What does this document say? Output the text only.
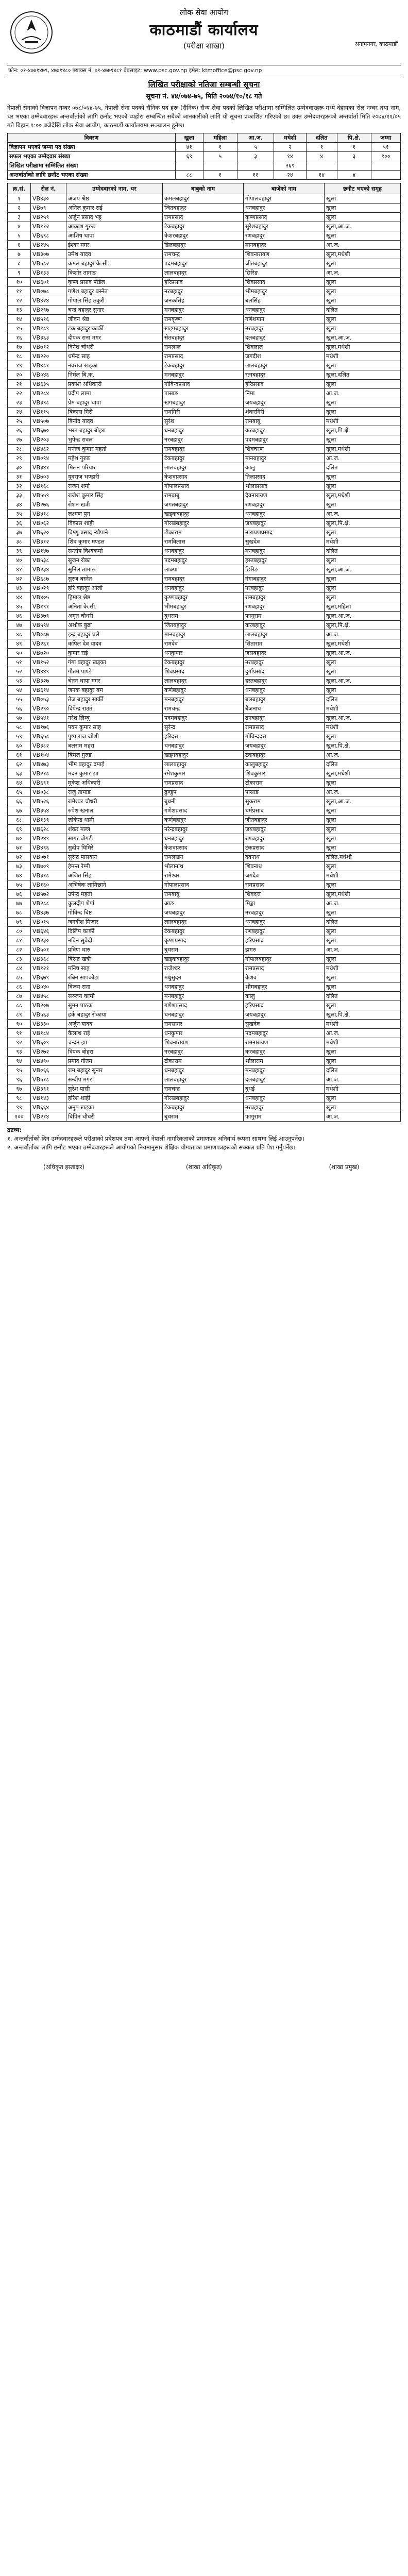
लोक सेवा आयोग
काठमाडौं कार्यालय
(परीक्षा शाखा)	अनामनगर, काठमाडौं
फोन: ०१-४७७१४७९, ४७७१४८० फ्याक्स नं. ०१-४७७१४८१ वेबसाइट: www.psc.gov.np इमेल: ktmoffice@psc.gov.np
लिखित परीक्षाको नतिजा सम्बन्धी सूचना
सूचना नं. ४४/०७४-७५, मिति २०७४/१०/१८ गते
नेपाली सेनाको विज्ञापन नम्बर ०७८/०७४-७५, नेपाली सेना पदको सैनिक पद हरू (सैनिक) सैन्य सेवा पदको लिखित परीक्षामा सम्मिलित उम्मेदवारहरू मध्ये देहायका रोल नम्बर तथा नाम, थर भएका उम्मेदवारहरू अन्तर्वार्ताको लागि छनौट भएको व्यहोरा सम्बन्धित सबैको जानकारीको लागि यो सूचना प्रकाशित गरिएको छ। उक्त उम्मेदवारहरूको अन्तर्वार्ता मिति २०७४/११/०५ गते बिहान ९:०० बजेदेखि लोक सेवा आयोग, काठमाडौं कार्यालयमा सञ्चालन हुनेछ।
विवरण	खुला	महिला	आ.ज.	मधेशी	दलित	पि.क्षे.	जम्मा
विज्ञापन भएको जम्मा पद संख्या	४१	१	५	२	१	१	५१
सफल भएका उम्मेदवार संख्या	६९	५	३	१४	४	३	१००
लिखित परीक्षामा सम्मिलित संख्या				२६९			
अन्तर्वार्ताको लागि छनौट भएका संख्या	८८	१	११	२४	१४	४	
क्र.सं.	रोल नं.	उम्मेदवारको नाम, थर	बाबुको नाम	बाजेको नाम	छनौट भएको समूह
१	VB४३०	अजय श्रेष्ठ	कमलबहादुर	गोपालबहादुर	खुला
२	VB७९	अनिल कुमार राई	जितबहादुर	धनबहादुर	खुला
३	VB२५९	अर्जुन प्रसाद भट्ट	रामप्रसाद	कृष्णप्रसाद	खुला
४	VB११२	आकाश गुरुङ	टेकबहादुर	सुरेशबहादुर	खुला,आ.ज.
५	VB६९८	आशिष थापा	केशरबहादुर	रणबहादुर	खुला
६	VB२४५	ईश्वर मगर	डिलबहादुर	मानबहादुर	आ.ज.
७	VB३०७	उमेश यादव	रामचन्द्र	शिवनारायण	खुला,मधेशी
८	VB५८२	कमल बहादुर के.सी.	पदमबहादुर	जीतबहादुर	खुला
९	VB१३३	किशोर तामाङ	लालबहादुर	छिरिङ	आ.ज.
१०	VB६०१	कृष्ण प्रसाद पौडेल	हरिप्रसाद	शिवप्रसाद	खुला
११	VB०७८	गणेश बहादुर बस्नेत	नरबहादुर	भीमबहादुर	खुला
१२	VB४२४	गोपाल सिंह ठकुरी	जनकसिंह	बलसिंह	खुला
१३	VB२९७	चन्द्र बहादुर सुनार	मनबहादुर	धनबहादुर	दलित
१४	VB५१६	जीवन श्रेष्ठ	रामकृष्ण	गणेशमान	खुला
१५	VB१८९	टंक बहादुर कार्की	खड्गबहादुर	नरबहादुर	खुला
१६	VB३६३	दीपक राना मगर	सेतबहादुर	दलबहादुर	खुला,आ.ज.
१७	VB७१२	दिनेश चौधरी	रामलाल	शिवलाल	खुला,मधेशी
१८	VB२२०	धर्मेन्द्र साह	रामप्रसाद	जगदीश	मधेशी
१९	VB४८१	नवराज खड्का	टेकबहादुर	लालबहादुर	खुला
२०	VB०४६	निर्मल बि.क.	मनबहादुर	रत्नबहादुर	खुला,दलित
२१	VB६३५	प्रकाश अधिकारी	गोविन्दप्रसाद	हरिप्रसाद	खुला
२२	VB२८४	प्रदीप लामा	पासाङ	निमा	आ.ज.
२३	VB३९८	प्रेम बहादुर थापा	खगबहादुर	जयबहादुर	खुला
२४	VB११५	बिकास गिरी	रामगिरी	शंकरगिरी	खुला
२५	VB५०७	बिनोद यादव	सुरेश	रामबाबु	मधेशी
२६	VB६७०	भरत बहादुर बोहरा	धनबहादुर	करबहादुर	खुला,पि.क्षे.
२७	VB२०३	भुपेन्द्र रावल	नरबहादुर	पदमबहादुर	खुला
२८	VB४६२	मनोज कुमार महतो	रामबहादुर	शिवचरण	खुला,मधेशी
२९	VB०९४	महेश गुरुङ	टेकबहादुर	मानबहादुर	आ.ज.
३०	VB३४१	मिलन परियार	लालबहादुर	कालु	दलित
३१	VB७०३	युवराज भण्डारी	केशवप्रसाद	तिलप्रसाद	खुला
३२	VB१६८	राजन शर्मा	गोपालप्रसाद	भोलाप्रसाद	खुला
३३	VB५५९	राजेश कुमार सिंह	रामबाबु	देवनारायण	खुला,मधेशी
३४	VB२७६	रोशन खत्री	जगतबहादुर	रणबहादुर	खुला
३५	VB४१८	लक्ष्मण पुन	खड्कबहादुर	धनबहादुर	आ.ज.
३६	VB०६२	विकास शाही	गोरखबहादुर	जयबहादुर	खुला,पि.क्षे.
३७	VB६२०	विष्णु प्रसाद न्यौपाने	टीकाराम	नारायणप्रसाद	खुला
३८	VB३१२	शिव कुमार मण्डल	रामविलास	सुखदेव	मधेशी
३९	VB१४७	सन्तोष विश्वकर्मा	धनबहादुर	मनबहादुर	दलित
४०	VB५३८	सुजन रोका	पदमबहादुर	हस्तबहादुर	खुला
४१	VB२३४	सुनिल तामाङ	लाक्पा	छिरिङ	खुला,आ.ज.
४२	VB६८७	सुरज बस्नेत	रामबहादुर	गंगाबहादुर	खुला
४३	VB०२९	हरि बहादुर ओली	धनबहादुर	नरबहादुर	खुला
४४	VB४०५	हिमाल श्रेष्ठ	कृष्णबहादुर	रामबहादुर	खुला
४५	VB१९१	अनिता के.सी.	भीमबहादुर	रणबहादुर	खुला,महिला
४६	VB३७९	अमृत चौधरी	बुधराम	फागुराम	खुला,आ.ज.
४७	VB५९४	अशोक बुढा	जितबहादुर	करबहादुर	खुला,पि.क्षे.
४८	VB०८७	इन्द्र बहादुर घले	मानबहादुर	लालबहादुर	आ.ज.
४९	VB२६१	कपिल देव यादव	रामदेव	सिताराम	खुला,मधेशी
५०	VB७२०	कुमार राई	धनकुमार	जसबहादुर	खुला,आ.ज.
५१	VB१५२	गंगा बहादुर खड्का	टेकबहादुर	नरबहादुर	खुला
५२	VB४४९	गौतम पाण्डे	शिवप्रसाद	दुर्गाप्रसाद	खुला
५३	VB३२७	चेतन थापा मगर	लालबहादुर	हस्तबहादुर	खुला,आ.ज.
५४	VB६१४	जनक बहादुर बम	कर्णबहादुर	धनबहादुर	खुला
५५	VB०५३	तेज बहादुर सार्की	मनबहादुर	बलबहादुर	दलित
५६	VB२९०	दिपेन्द्र राउत	रामचन्द्र	बैजनाथ	मधेशी
५७	VB५४१	नरेश लिम्बु	पदमबहादुर	ढनबहादुर	खुला,आ.ज.
५८	VB१७६	पवन कुमार साह	सुरेन्द्र	रामप्रसाद	मधेशी
५९	VB६५८	पुष्प राज जोशी	हरिदत्त	गोविन्ददत्त	खुला
६०	VB३८२	बलराम महरा	धनबहादुर	जयबहादुर	खुला,पि.क्षे.
६१	VB१०४	बिमल गुरुङ	खड्गबहादुर	टेकबहादुर	आ.ज.
६२	VB४७३	भीम बहादुर दमाई	लालबहादुर	कालुबहादुर	दलित
६३	VB२१८	मदन कुमार झा	रमेशकुमार	शिवकुमार	खुला,मधेशी
६४	VB६९१	मुकेश अधिकारी	रामप्रसाद	टीकाराम	खुला
६५	VB०३८	राजु तामाङ	ढुण्डुप	पासाङ	आ.ज.
६६	VB५२६	रामेश्वर चौधरी	बुधनी	सुकराम	खुला,आ.ज.
६७	VB३५४	रुपेश खनाल	गणेशप्रसाद	धर्मप्रसाद	खुला
६८	VB१३९	लोकेन्द्र धामी	कर्णबहादुर	जीतबहादुर	खुला
६९	VB६२८	शंकर मल्ल	नरेन्द्रबहादुर	जयबहादुर	खुला
७०	VB२४९	सागर बोगटी	धनबहादुर	रणबहादुर	खुला
७१	VB४९६	सुदीप घिमिरे	केशवप्रसाद	टंकप्रसाद	खुला
७२	VB०७१	सुरेन्द्र पासवान	रामलखन	देवनाथ	दलित,मधेशी
७३	VB७०९	हेमन्त रेग्मी	भोलानाथ	शिवनाथ	खुला
७४	VB३१८	अजित सिंह	रामेश्वर	जगदेव	मधेशी
७५	VB१६०	अभिषेक लामिछाने	गोपालप्रसाद	रामप्रसाद	खुला
७६	VB५७२	उपेन्द्र महतो	रामबाबु	शिवदत्त	खुला,मधेशी
७७	VB२८८	कुलदीप शेर्पा	आङ	मिङ्मा	आ.ज.
७८	VB४३७	गोविन्द बिष्ट	जयबहादुर	नरबहादुर	खुला
७९	VB०१५	जगदीश मिजार	लालबहादुर	धनबहादुर	दलित
८०	VB६४६	दिलिप कार्की	टेकबहादुर	रणबहादुर	खुला
८१	VB२३०	नविन सुवेदी	कृष्णप्रसाद	हरिप्रसाद	खुला
८२	VB५०१	प्रविण थारु	बुधराम	झगरु	आ.ज.
८३	VB३६८	बिरेन्द्र खत्री	खड्कबहादुर	गोपालबहादुर	खुला
८४	VB१२१	मनिष साह	राजेश्वर	रामप्रसाद	मधेशी
८५	VB६७९	रबिन सापकोटा	मधुसुदन	केशव	खुला
८६	VB०४०	विजय राना	धनबहादुर	भीमबहादुर	खुला
८७	VB४५८	सञ्जय कामी	मनबहादुर	कालु	दलित
८८	VB२०७	सुमन पाठक	गणेशप्रसाद	हरिप्रसाद	खुला
८९	VB५६३	हर्क बहादुर रोकाया	धनबहादुर	जयबहादुर	खुला,पि.क्षे.
९०	VB३३०	अर्जुन यादव	रामसागर	सुखदेव	मधेशी
९१	VB१८४	कैलाश राई	धनकुमार	पदमबहादुर	आ.ज.
९२	VB६०९	चन्दन झा	शिवनारायण	रामनारायण	मधेशी
९३	VB२७२	दिपक बोहरा	नरबहादुर	करबहादुर	खुला
९४	VB४९०	प्रमोद गौतम	टीकाराम	भोलाराम	खुला
९५	VB०६६	राम बहादुर सुनार	धनबहादुर	मनबहादुर	दलित
९६	VB५१८	सन्दीप मगर	लालबहादुर	दलबहादुर	आ.ज.
९७	VB३९१	सुरेश पासी	रामचन्द्र	बुधई	मधेशी
९८	VB१४३	हरिश शाही	गोरखबहादुर	धनबहादुर	खुला
९९	VB६६४	अनुप खड्का	टेकबहादुर	नरबहादुर	खुला
१००	VB२१४	बिपिन चौधरी	बुधराम	फागुराम	आ.ज.
द्रष्टव्य:
१. अन्तर्वार्ताको दिन उम्मेदवारहरूले परीक्षाको प्रवेशपत्र तथा आफ्नो नेपाली नागरिकताको प्रमाणपत्र अनिवार्य रूपमा साथमा लिई आउनुपर्नेछ।
२. अन्तर्वार्ताका लागि छनौट भएका उम्मेदवारहरूले आयोगको नियमानुसार शैक्षिक योग्यताका प्रमाणपत्रहरूको सक्कल प्रति पेश गर्नुपर्नेछ।
(अधिकृत हस्ताक्षर)	(शाखा अधिकृत)	(शाखा प्रमुख)
